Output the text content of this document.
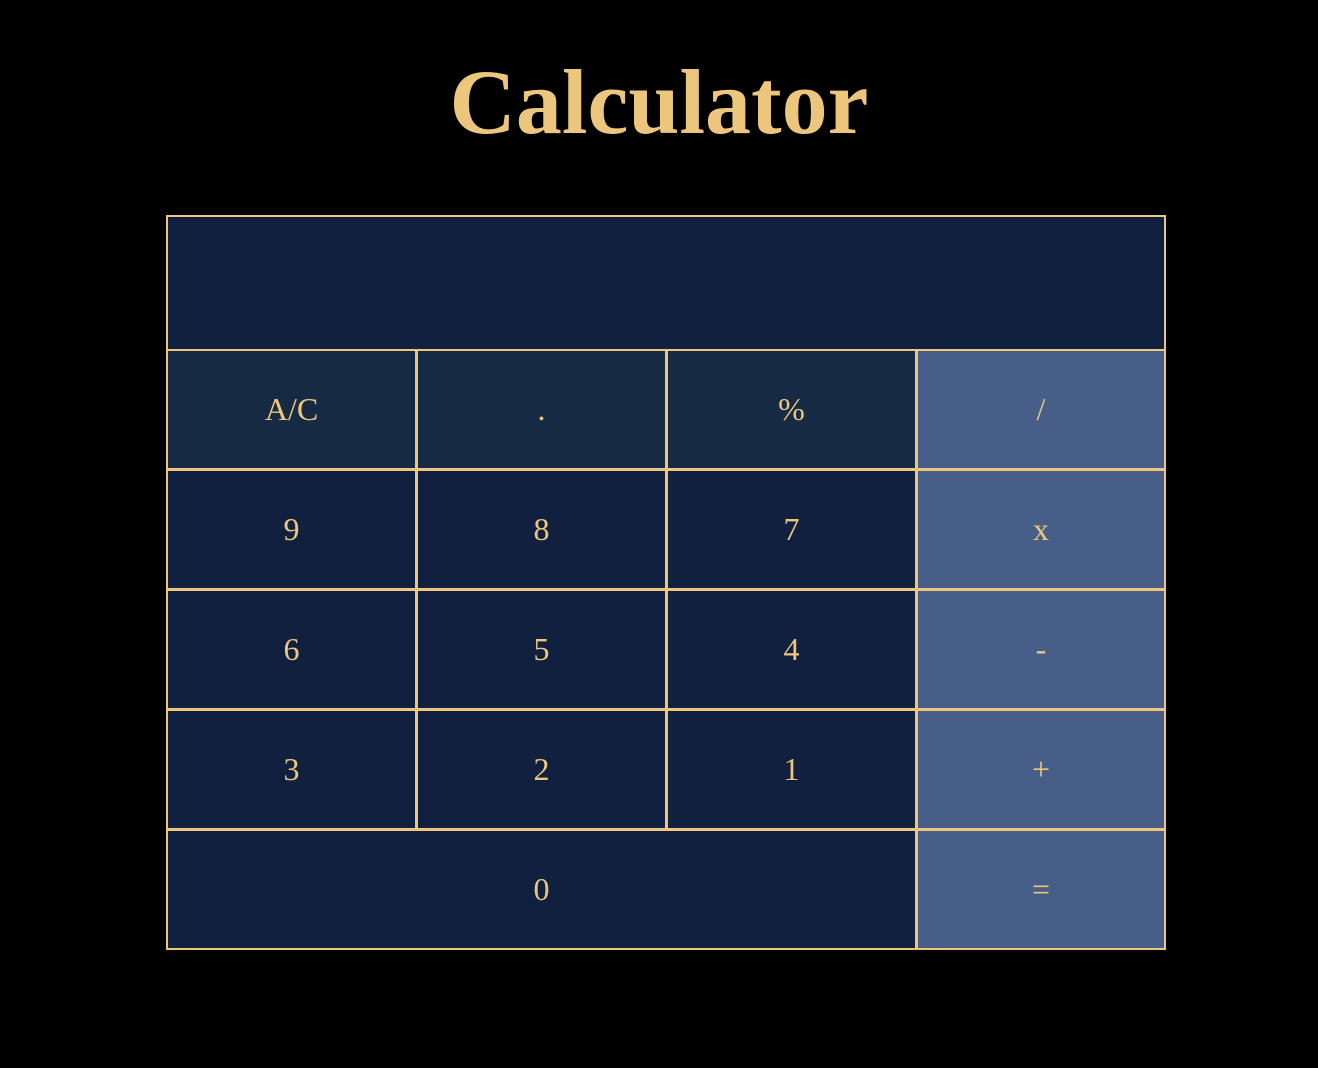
Calculator
A/C	.	%	/
9	8	7	x
6	5	4	-
3	2	1	+
0	=
